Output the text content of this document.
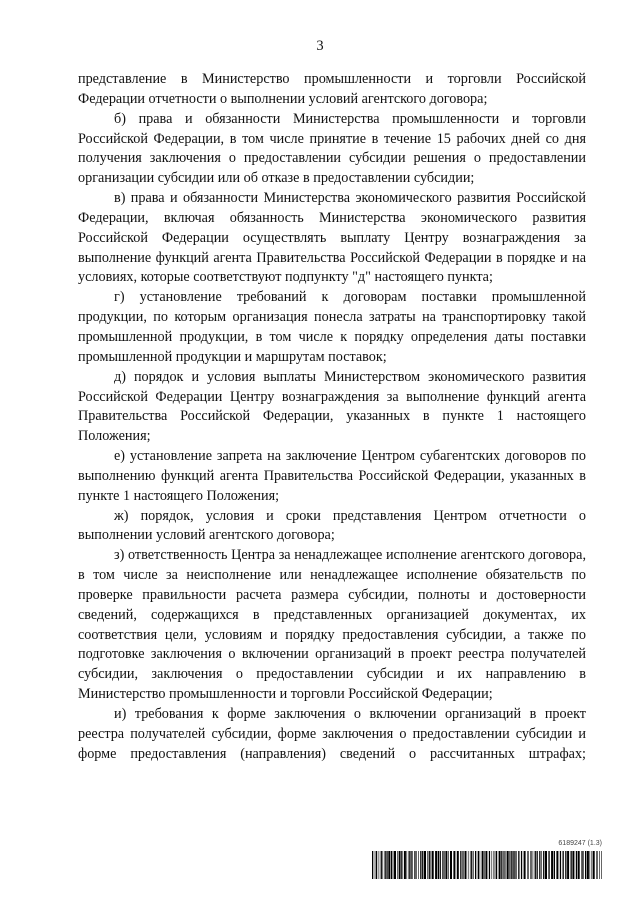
3

представление в Министерство промышленности и торговли Российской Федерации отчетности о выполнении условий агентского договора;

б) права и обязанности Министерства промышленности и торговли Российской Федерации, в том числе принятие в течение 15 рабочих дней со дня получения заключения о предоставлении субсидии решения о предоставлении организации субсидии или об отказе в предоставлении субсидии;

в) права и обязанности Министерства экономического развития Российской Федерации, включая обязанность Министерства экономического развития Российской Федерации осуществлять выплату Центру вознаграждения за выполнение функций агента Правительства Российской Федерации в порядке и на условиях, которые соответствуют подпункту "д" настоящего пункта;

г) установление требований к договорам поставки промышленной продукции, по которым организация понесла затраты на транспортировку такой промышленной продукции, в том числе к порядку определения даты поставки промышленной продукции и маршрутам поставок;

д) порядок и условия выплаты Министерством экономического развития Российской Федерации Центру вознаграждения за выполнение функций агента Правительства Российской Федерации, указанных в пункте 1 настоящего Положения;

е) установление запрета на заключение Центром субагентских договоров по выполнению функций агента Правительства Российской Федерации, указанных в пункте 1 настоящего Положения;

ж) порядок, условия и сроки представления Центром отчетности о выполнении условий агентского договора;

з) ответственность Центра за ненадлежащее исполнение агентского договора, в том числе за неисполнение или ненадлежащее исполнение обязательств по проверке правильности расчета размера субсидии, полноты и достоверности сведений, содержащихся в представленных организацией документах, их соответствия цели, условиям и порядку предоставления субсидии, а также по подготовке заключения о включении организаций в проект реестра получателей субсидии, заключения о предоставлении субсидии и их направлению в Министерство промышленности и торговли Российской Федерации;

и) требования к форме заключения о включении организаций в проект реестра получателей субсидии, форме заключения о предоставлении субсидии и форме предоставления (направления) сведений о рассчитанных штрафах;

6189247 (1.3)
